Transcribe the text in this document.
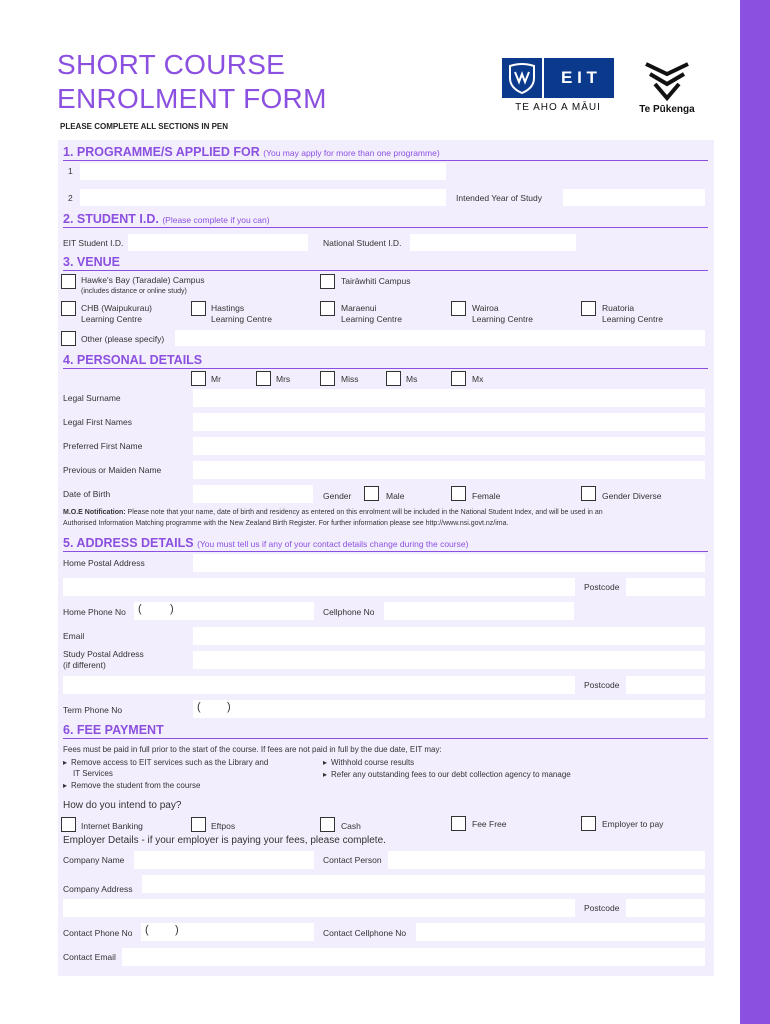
SHORT COURSE
ENROLMENT FORM
PLEASE COMPLETE ALL SECTIONS IN PEN
E I T
TE AHO A MĀUI	Te Pūkenga
1. PROGRAMME/S APPLIED FOR (You may apply for more than one programme)
1
2	Intended Year of Study
2. STUDENT I.D. (Please complete if you can)
EIT Student I.D.	National Student I.D.
3. VENUE
Hawke's Bay (Taradale) Campus
(includes distance or online study)
Tairāwhiti Campus
CHB (Waipukurau)
Learning Centre
Hastings
Learning Centre
Maraenui
Learning Centre
Wairoa
Learning Centre
Ruatoria
Learning Centre
Other (please specify)
4. PERSONAL DETAILS
Mr	Mrs	Miss	Ms	Mx
Legal Surname
Legal First Names
Preferred First Name
Previous or Maiden Name
Date of Birth	Gender	Male	Female	Gender Diverse
M.O.E Notification: Please note that your name, date of birth and residency as entered on this enrolment will be included in the National Student Index, and will be used in an
Authorised Information Matching programme with the New Zealand Birth Register. For further information please see http://www.nsi.govt.nz/ima.
5. ADDRESS DETAILS (You must tell us if any of your contact details change during the course)
Home Postal Address
Postcode
Home Phone No (	)	Cellphone No
Email
Study Postal Address
(if different)
Postcode
Term Phone No	( )
6. FEE PAYMENT
Fees must be paid in full prior to the start of the course. If fees are not paid in full by the due date, EIT may:
▸ Remove access to EIT services such as the Library and
IT Services
▸ Remove the student from the course
▸ Withhold course results
▸ Refer any outstanding fees to our debt collection agency to manage
How do you intend to pay?
Internet Banking	Eftpos	Cash	Fee Free	Employer to pay
Employer Details - if your employer is paying your fees, please complete.
Company Name	Contact Person
Company Address
Postcode
Contact Phone No ( )	Contact Cellphone No
Contact Email
